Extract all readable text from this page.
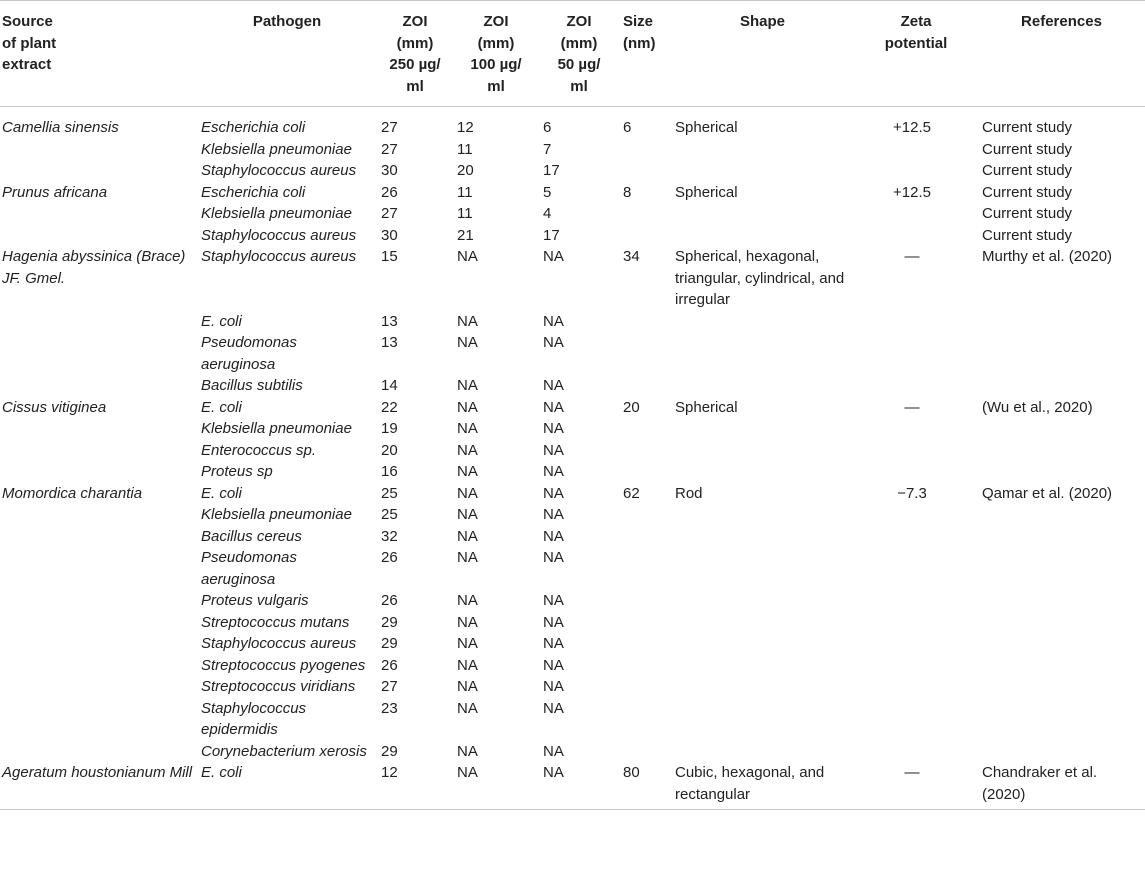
Source
of plant
extract	Pathogen	ZOI
(mm)
250 µg/
ml	ZOI
(mm)
100 µg/
ml	ZOI
(mm)
50 µg/
ml	Size
(nm)	Shape	Zeta
potential	References
Camellia sinensis	Escherichia coli	27	12	6	6	Spherical	+12.5	Current study
	Klebsiella pneumoniae	27	11	7				Current study
	Staphylococcus aureus	30	20	17				Current study
Prunus africana	Escherichia coli	26	11	5	8	Spherical	+12.5	Current study
	Klebsiella pneumoniae	27	11	4				Current study
	Staphylococcus aureus	30	21	17				Current study
Hagenia abyssinica (Brace) JF. Gmel.	Staphylococcus aureus	15	NA	NA	34	Spherical, hexagonal, triangular, cylindrical, and irregular	—	Murthy et al. (2020)
	E. coli	13	NA	NA				
	Pseudomonas aeruginosa	13	NA	NA				
	Bacillus subtilis	14	NA	NA				
Cissus vitiginea	E. coli	22	NA	NA	20	Spherical	—	(Wu et al., 2020)
	Klebsiella pneumoniae	19	NA	NA				
	Enterococcus sp.	20	NA	NA				
	Proteus sp	16	NA	NA				
Momordica charantia	E. coli	25	NA	NA	62	Rod	−7.3	Qamar et al. (2020)
	Klebsiella pneumoniae	25	NA	NA				
	Bacillus cereus	32	NA	NA				
	Pseudomonas aeruginosa	26	NA	NA				
	Proteus vulgaris	26	NA	NA				
	Streptococcus mutans	29	NA	NA				
	Staphylococcus aureus	29	NA	NA				
	Streptococcus pyogenes	26	NA	NA				
	Streptococcus viridians	27	NA	NA				
	Staphylococcus epidermidis	23	NA	NA				
	Corynebacterium xerosis	29	NA	NA				
Ageratum houstonianum Mill	E. coli	12	NA	NA	80	Cubic, hexagonal, and rectangular	—	Chandraker et al. (2020)
